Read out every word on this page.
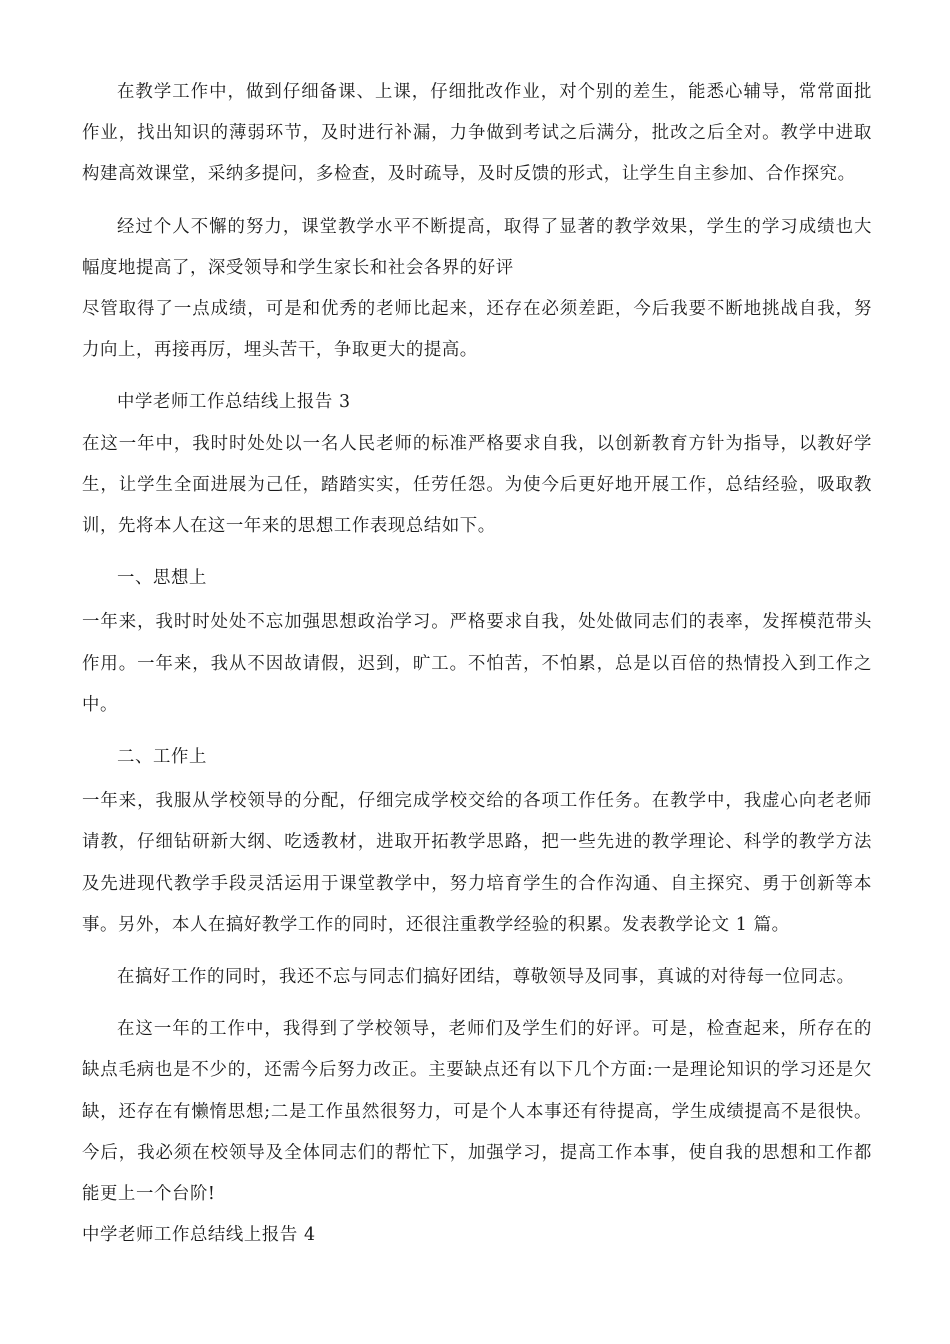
在教学工作中，做到仔细备课、上课，仔细批改作业，对个别的差生，能悉心辅导，常常面批作业，找出知识的薄弱环节，及时进行补漏，力争做到考试之后满分，批改之后全对。教学中进取构建高效课堂，采纳多提问，多检查，及时疏导，及时反馈的形式，让学生自主参加、合作探究。

经过个人不懈的努力，课堂教学水平不断提高，取得了显著的教学效果，学生的学习成绩也大幅度地提高了，深受领导和学生家长和社会各界的好评

尽管取得了一点成绩，可是和优秀的老师比起来，还存在必须差距，今后我要不断地挑战自我，努力向上，再接再厉，埋头苦干，争取更大的提高。

中学老师工作总结线上报告 3

在这一年中，我时时处处以一名人民老师的标准严格要求自我，以创新教育方针为指导，以教好学生，让学生全面进展为己任，踏踏实实，任劳任怨。为使今后更好地开展工作，总结经验，吸取教训，先将本人在这一年来的思想工作表现总结如下。

一、思想上

一年来，我时时处处不忘加强思想政治学习。严格要求自我，处处做同志们的表率，发挥模范带头作用。一年来，我从不因故请假，迟到，旷工。不怕苦，不怕累，总是以百倍的热情投入到工作之中。

二、工作上

一年来，我服从学校领导的分配，仔细完成学校交给的各项工作任务。在教学中，我虚心向老老师请教，仔细钻研新大纲、吃透教材，进取开拓教学思路，把一些先进的教学理论、科学的教学方法及先进现代教学手段灵活运用于课堂教学中，努力培育学生的合作沟通、自主探究、勇于创新等本事。另外，本人在搞好教学工作的同时，还很注重教学经验的积累。发表教学论文 1 篇。

在搞好工作的同时，我还不忘与同志们搞好团结，尊敬领导及同事，真诚的对待每一位同志。

在这一年的工作中，我得到了学校领导，老师们及学生们的好评。可是，检查起来，所存在的缺点毛病也是不少的，还需今后努力改正。主要缺点还有以下几个方面:一是理论知识的学习还是欠缺，还存在有懒惰思想;二是工作虽然很努力，可是个人本事还有待提高，学生成绩提高不是很快。今后，我必须在校领导及全体同志们的帮忙下，加强学习，提高工作本事，使自我的思想和工作都能更上一个台阶!

中学老师工作总结线上报告 4
